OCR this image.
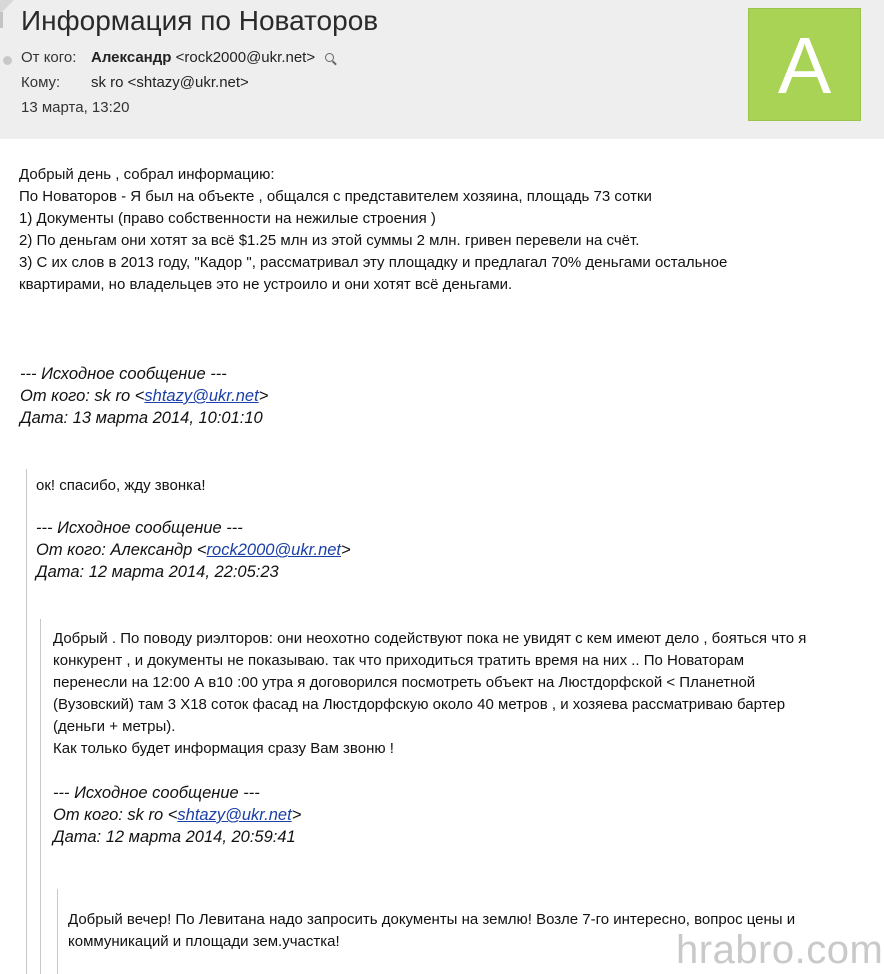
Информация по Новаторов
От кого: Александр <rock2000@ukr.net>
Кому: sk ro <shtazy@ukr.net>
13 марта, 13:20	A
Добрый день , собрал информацию:
По Новаторов - Я был на объекте , общался с представителем хозяина, площадь 73 сотки
1) Документы (право собственности на нежилые строения )
2) По деньгам они хотят за всё $1.25 млн из этой суммы 2 млн. гривен перевели на счёт.
3) С их слов в 2013 году, "Кадор ", рассматривал эту площадку и предлагал 70% деньгами остальное
квартирами, но владельцев это не устроило и они хотят всё деньгами.
--- Исходное сообщение ---
От кого: sk ro <shtazy@ukr.net>
Дата: 13 марта 2014, 10:01:10
ок! спасибо, жду звонка!
--- Исходное сообщение ---
От кого: Александр <rock2000@ukr.net>
Дата: 12 марта 2014, 22:05:23
Добрый . По поводу риэлторов: они неохотно содействуют пока не увидят с кем имеют дело , бояться что я
конкурент , и документы не показываю. так что приходиться тратить время на них .. По Новаторам
перенесли на 12:00 А в10 :00 утра я договорился посмотреть объект на Люстдорфской < Планетной
(Вузовский) там 3 Х18 соток фасад на Люстдорфскую около 40 метров , и хозяева рассматриваю бартер
(деньги + метры).
Как только будет информация сразу Вам звоню !
--- Исходное сообщение ---
От кого: sk ro <shtazy@ukr.net>
Дата: 12 марта 2014, 20:59:41
Добрый вечер! По Левитана надо запросить документы на землю! Возле 7-го интересно, вопрос цены и
коммуникаций и площади зем.участка!	hrabro.com
